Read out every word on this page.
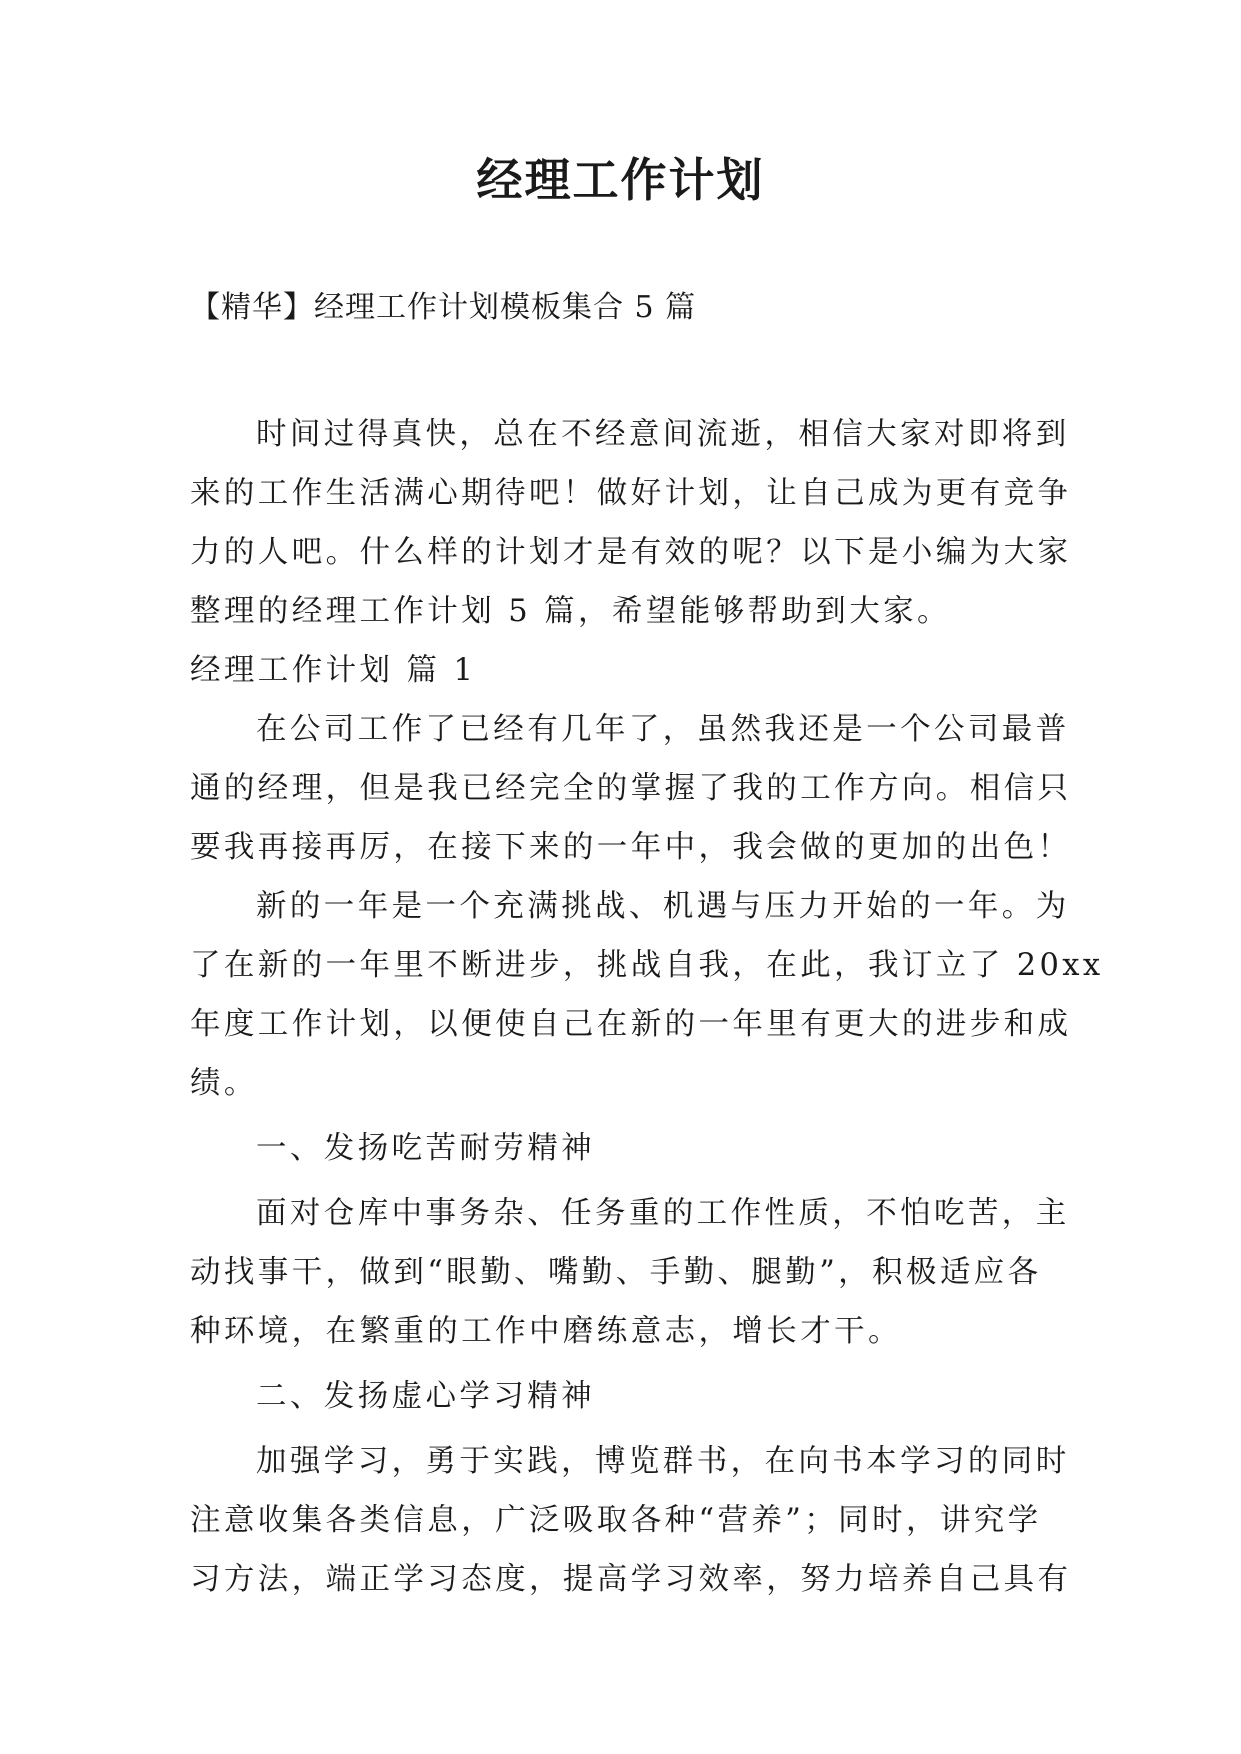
经理工作计划
【精华】经理工作计划模板集合 5 篇
时间过得真快，总在不经意间流逝，相信大家对即将到
来的工作生活满心期待吧！做好计划，让自己成为更有竞争
力的人吧。什么样的计划才是有效的呢？以下是小编为大家
整理的经理工作计划 5 篇，希望能够帮助到大家。
经理工作计划 篇 1
在公司工作了已经有几年了，虽然我还是一个公司最普
通的经理，但是我已经完全的掌握了我的工作方向。相信只
要我再接再厉，在接下来的一年中，我会做的更加的出色！
新的一年是一个充满挑战、机遇与压力开始的一年。为
了在新的一年里不断进步，挑战自我，在此，我订立了 20xx
年度工作计划，以便使自己在新的一年里有更大的进步和成
绩。
一、发扬吃苦耐劳精神
面对仓库中事务杂、任务重的工作性质，不怕吃苦，主
动找事干，做到“眼勤、嘴勤、手勤、腿勤”，积极适应各
种环境，在繁重的工作中磨练意志，增长才干。
二、发扬虚心学习精神
加强学习，勇于实践，博览群书，在向书本学习的同时
注意收集各类信息，广泛吸取各种“营养”；同时，讲究学
习方法，端正学习态度，提高学习效率，努力培养自己具有
